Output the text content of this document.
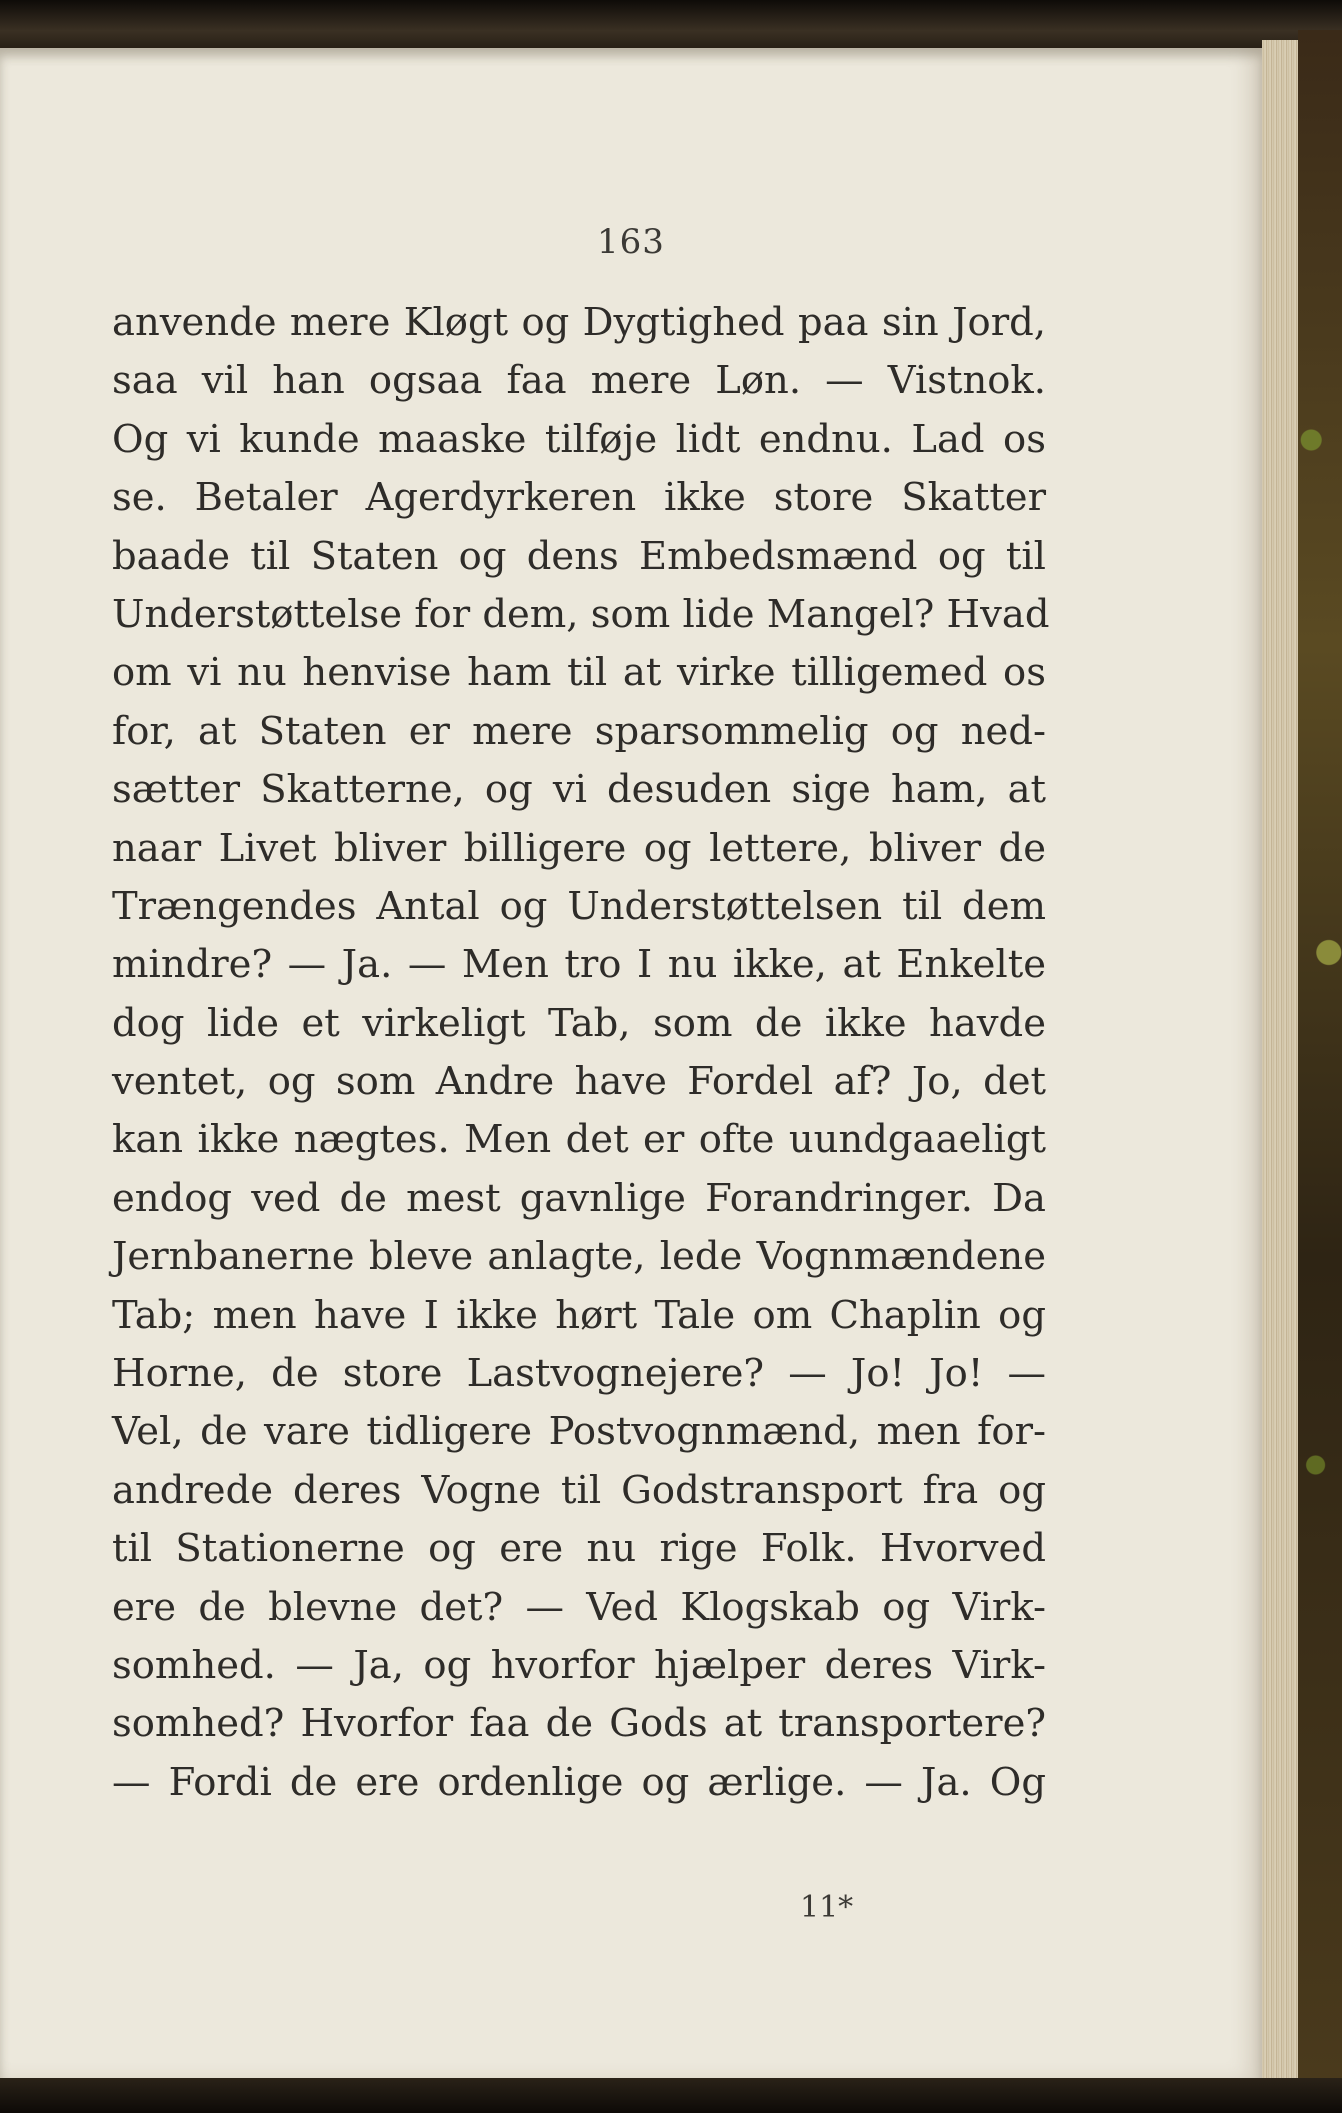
163
anvende mere Kløgt og Dygtighed paa sin Jord,
saa vil han ogsaa faa mere Løn. — Vistnok.
Og vi kunde maaske tilføje lidt endnu. Lad os
se. Betaler Agerdyrkeren ikke store Skatter
baade til Staten og dens Embedsmænd og til
Understøttelse for dem, som lide Mangel? Hvad
om vi nu henvise ham til at virke tilligemed os
for, at Staten er mere sparsommelig og ned-
sætter Skatterne, og vi desuden sige ham, at
naar Livet bliver billigere og lettere, bliver de
Trængendes Antal og Understøttelsen til dem
mindre? — Ja. — Men tro I nu ikke, at Enkelte
dog lide et virkeligt Tab, som de ikke havde
ventet, og som Andre have Fordel af? Jo, det
kan ikke nægtes. Men det er ofte uundgaaeligt
endog ved de mest gavnlige Forandringer. Da
Jernbanerne bleve anlagte, lede Vognmændene
Tab; men have I ikke hørt Tale om Chaplin og
Horne, de store Lastvognejere? — Jo! Jo! —
Vel, de vare tidligere Postvognmænd, men for-
andrede deres Vogne til Godstransport fra og
til Stationerne og ere nu rige Folk. Hvorved
ere de blevne det? — Ved Klogskab og Virk-
somhed. — Ja, og hvorfor hjælper deres Virk-
somhed? Hvorfor faa de Gods at transportere?
— Fordi de ere ordenlige og ærlige. — Ja. Og
11*
